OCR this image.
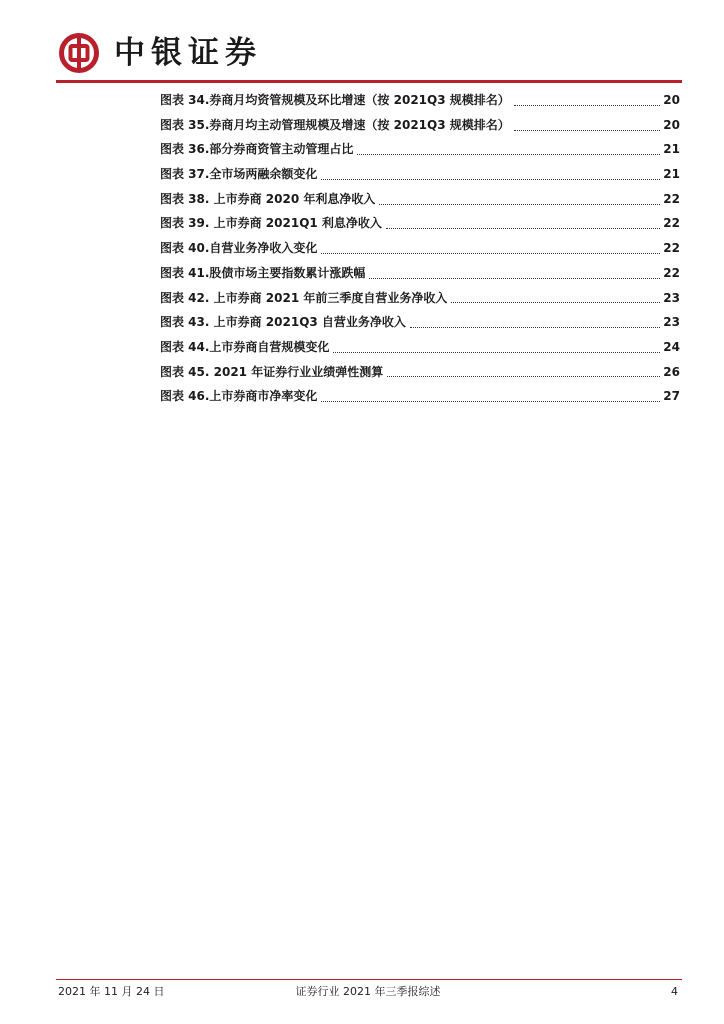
中银证券
图表 34.券商月均资管规模及环比增速（按 2021Q3 规模排名）	20
图表 35.券商月均主动管理规模及增速（按 2021Q3 规模排名）	20
图表 36.部分券商资管主动管理占比	21
图表 37.全市场两融余额变化	21
图表 38. 上市券商 2020 年利息净收入	22
图表 39. 上市券商 2021Q1 利息净收入	22
图表 40.自营业务净收入变化	22
图表 41.股债市场主要指数累计涨跌幅	22
图表 42. 上市券商 2021 年前三季度自营业务净收入	23
图表 43. 上市券商 2021Q3 自营业务净收入	23
图表 44.上市券商自营规模变化	24
图表 45. 2021 年证券行业业绩弹性测算	26
图表 46.上市券商市净率变化	27
2021 年 11 月 24 日	证券行业 2021 年三季报综述	4
